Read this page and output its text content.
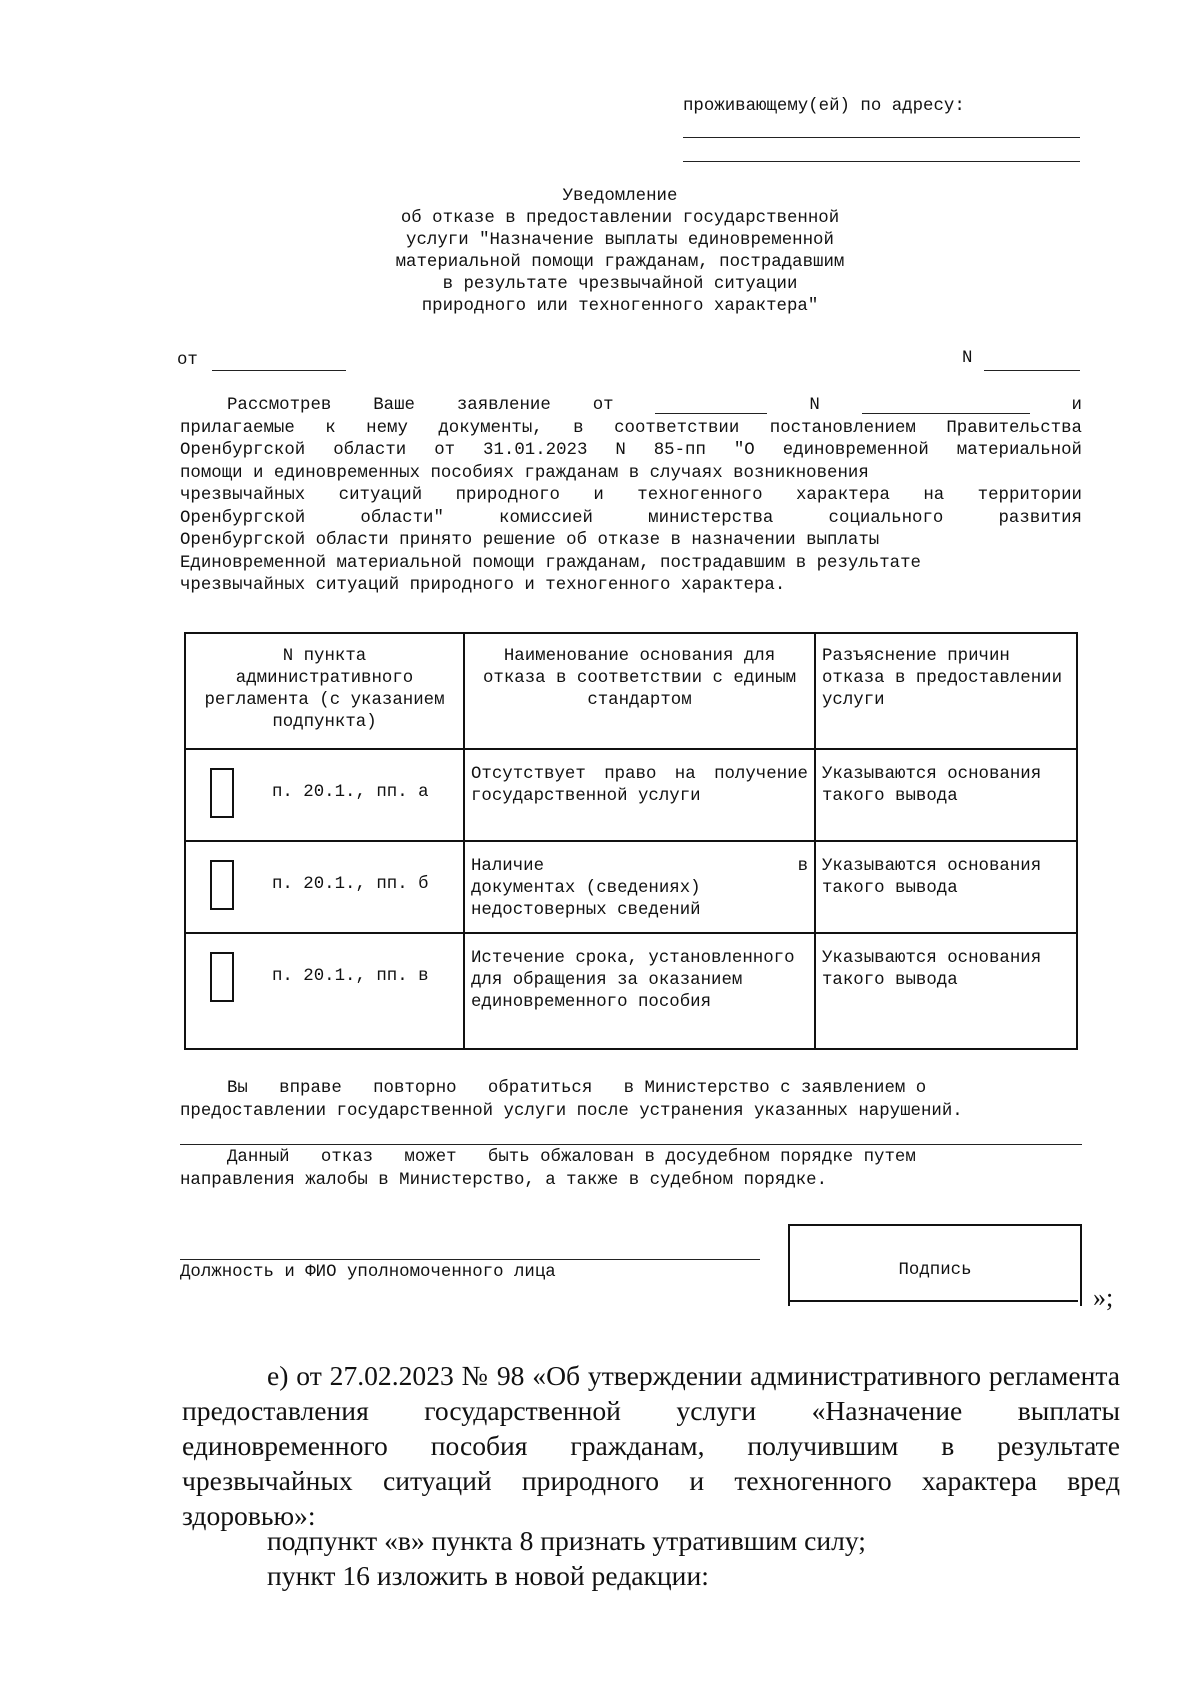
проживающему(ей) по адресу:
Уведомление
об отказе в предоставлении государственной
услуги "Назначение выплаты единовременной
материальной помощи гражданам, пострадавшим
в результате чрезвычайной ситуации
природного или техногенного характера"
от	N
Рассмотрев Ваше заявление от	N	и
прилагаемые к нему документы, в соответствии постановлением Правительства
Оренбургской области от 31.01.2023 N 85-пп "О единовременной материальной
помощи и единовременных пособиях гражданам в случаях возникновения
чрезвычайных ситуаций природного и техногенного характера на территории
Оренбургской области" комиссией министерства социального развития
Оренбургской области принято решение об отказе в назначении выплаты
Единовременной материальной помощи гражданам, пострадавшим в результате
чрезвычайных ситуаций природного и техногенного характера.
N пункта административного регламента (с указанием подпункта)	Наименование основания для отказа в соответствии с единым стандартом	Разъяснение причин отказа в предоставлении услуги

п. 20.1., пп. а	Отсутствует право на получение государственной услуги	Указываются основания такого вывода

п. 20.1., пп. б	Наличие в
документах (сведениях)
недостоверных сведений	Указываются основания такого вывода

п. 20.1., пп. в	Истечение срока, установленного для обращения за оказанием единовременного пособия	Указываются основания такого вывода
Вы   вправе   повторно   обратиться   в Министерство с заявлением о
предоставлении государственной услуги после устранения указанных нарушений.
Данный   отказ   может   быть обжалован в досудебном порядке путем
направления жалобы в Министерство, а также в судебном порядке.
Должность и ФИО уполномоченного лица	Подпись
»;
е) от 27.02.2023 № 98 «Об утверждении административного регламента
предоставления государственной услуги «Назначение выплаты
единовременного пособия гражданам, получившим в результате
чрезвычайных ситуаций природного и техногенного характера вред
здоровью»:
подпункт «в» пункта 8 признать утратившим силу;
пункт 16 изложить в новой редакции:
